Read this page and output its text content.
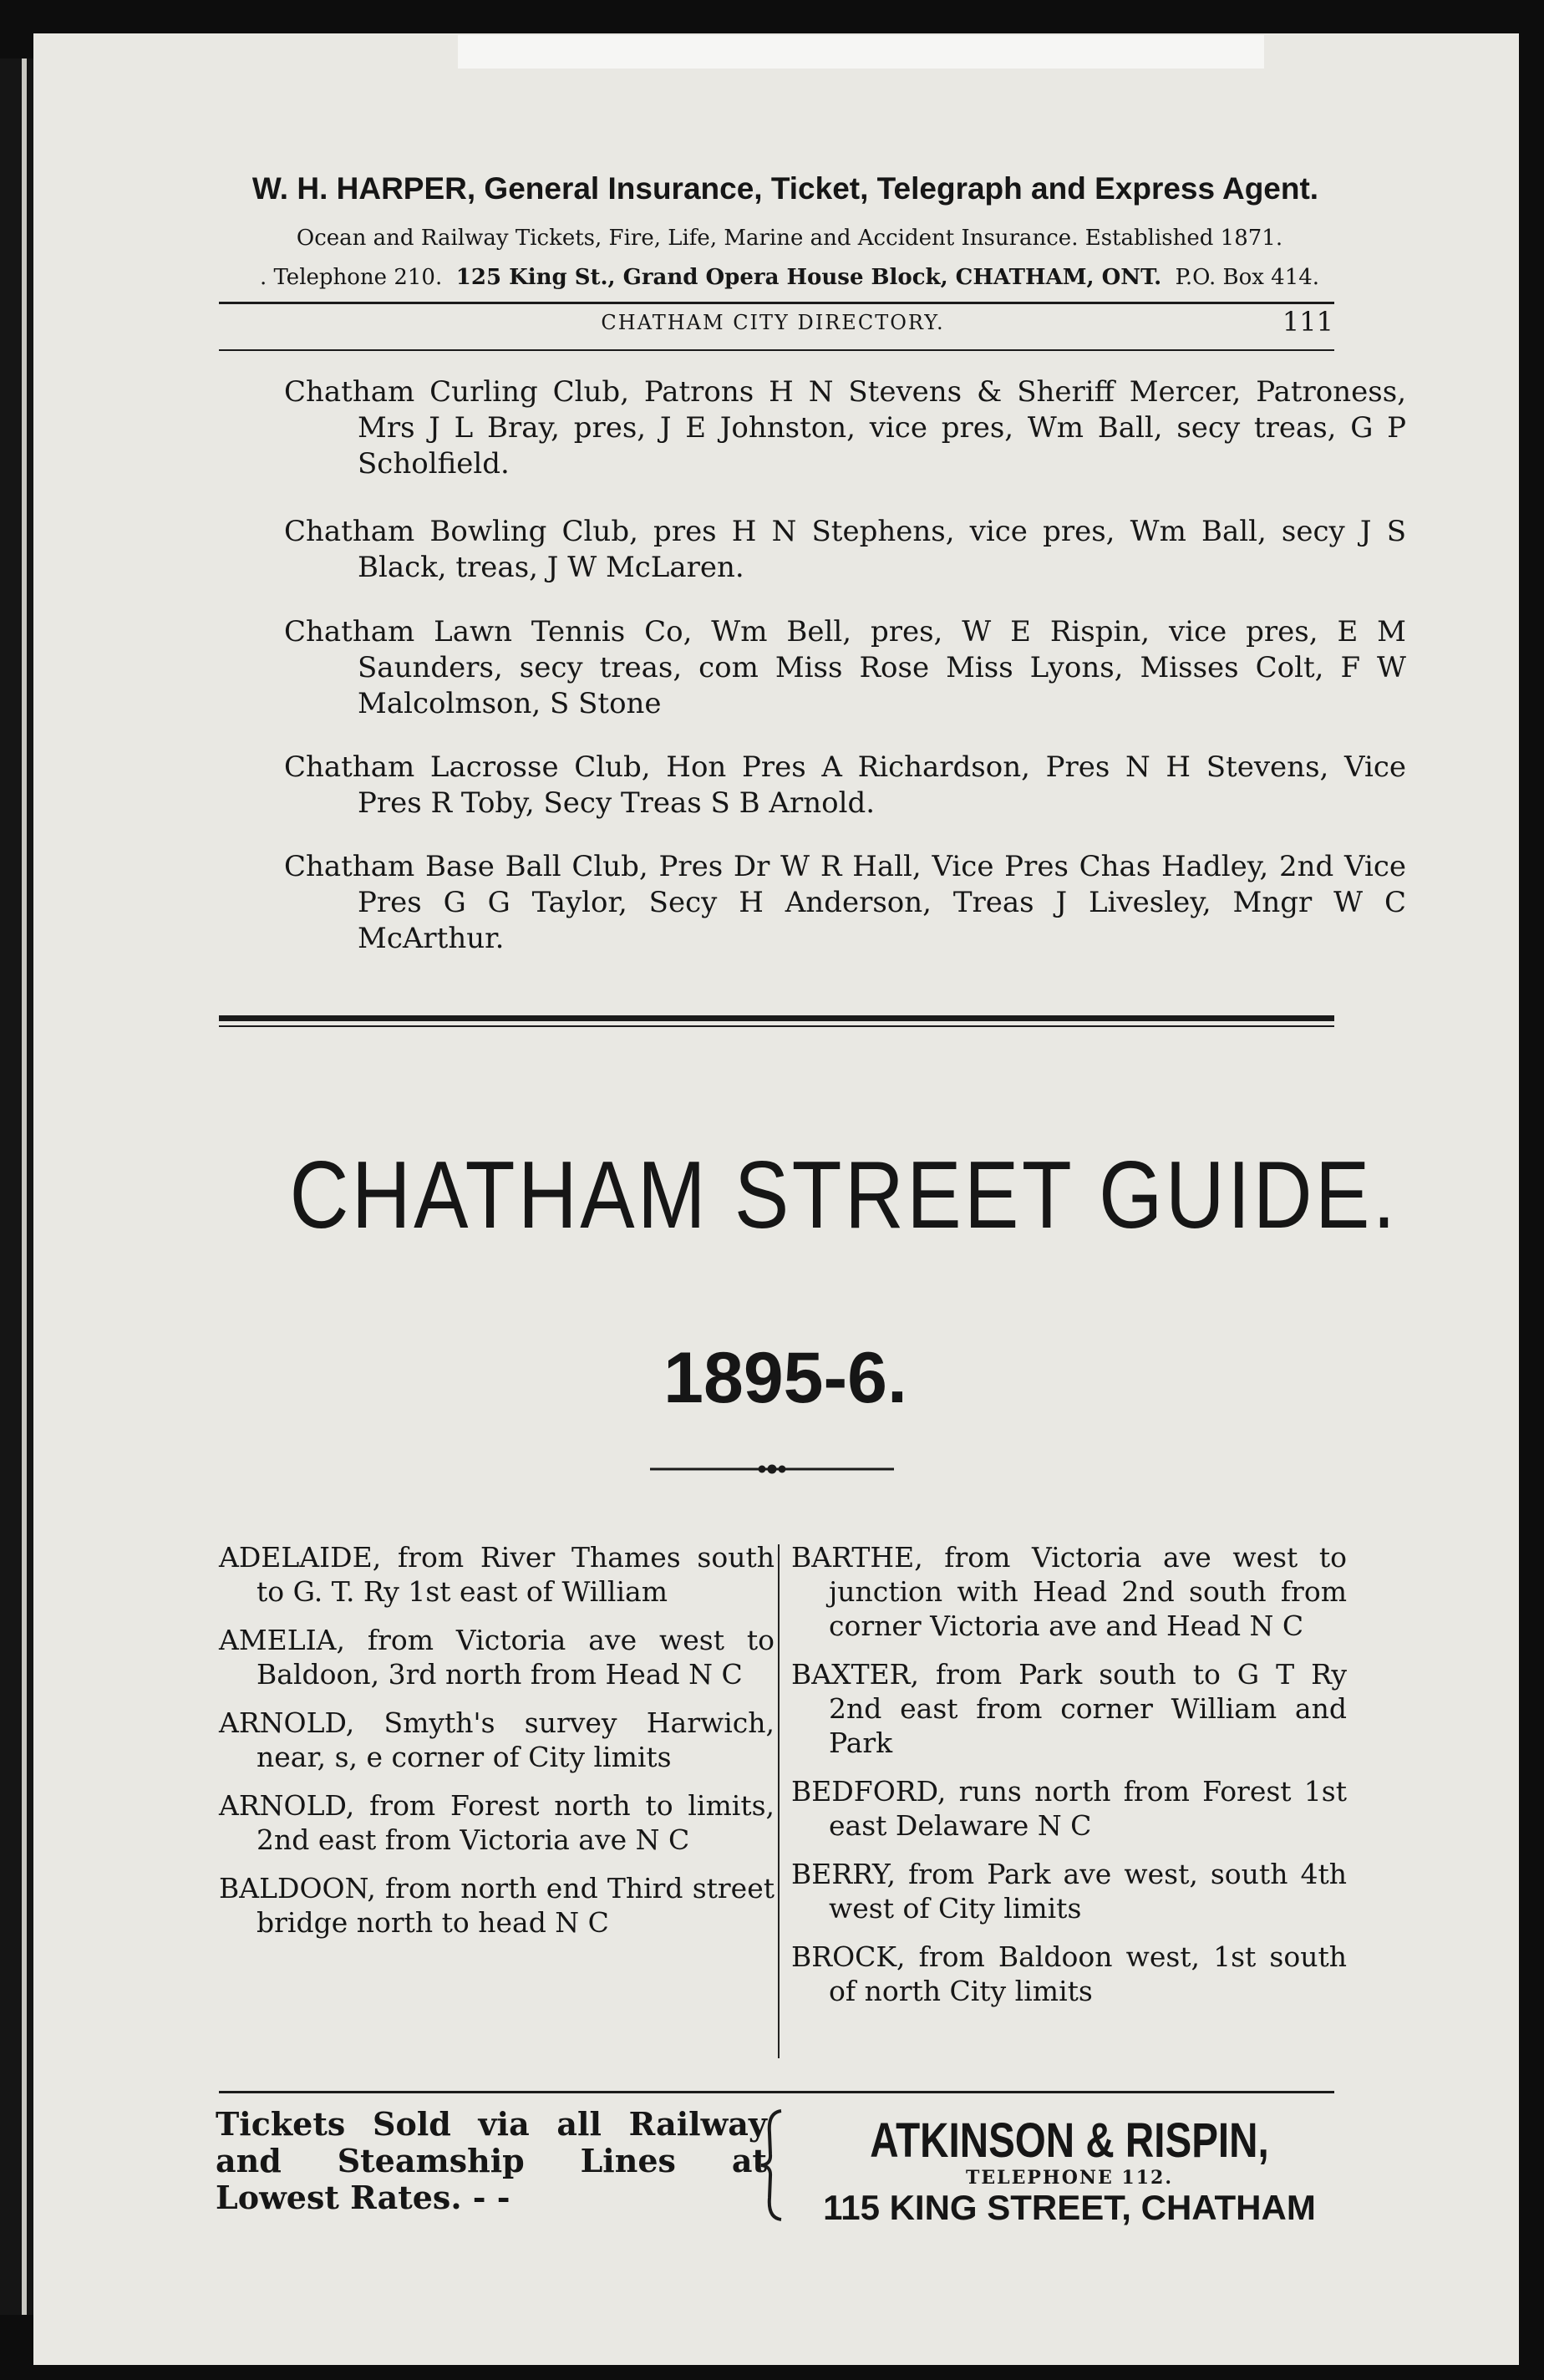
W. H. HARPER, General Insurance, Ticket, Telegraph and Express Agent.
Ocean and Railway Tickets, Fire, Life, Marine and Accident Insurance. Established 1871.
. Telephone 210. 125 King St., Grand Opera House Block, CHATHAM, ONT. P.O. Box 414.
CHATHAM CITY DIRECTORY.	111
Chatham Curling Club, Patrons H N Stevens & Sheriff Mercer, Patroness, Mrs J L Bray, pres, J E Johnston, vice pres, Wm Ball, secy treas, G P Scholfield.
Chatham Bowling Club, pres H N Stephens, vice pres, Wm Ball, secy J S Black, treas, J W McLaren.
Chatham Lawn Tennis Co, Wm Bell, pres, W E Rispin, vice pres, E M Saunders, secy treas, com Miss Rose Miss Lyons, Misses Colt, F W Malcolmson, S Stone
Chatham Lacrosse Club, Hon Pres A Richardson, Pres N H Stevens, Vice Pres R Toby, Secy Treas S B Arnold.
Chatham Base Ball Club, Pres Dr W R Hall, Vice Pres Chas Hadley, 2nd Vice Pres G G Taylor, Secy H Anderson, Treas J Livesley, Mngr W C McArthur.
CHATHAM STREET GUIDE.
1895-6.
ADELAIDE, from River Thames south to G. T. Ry 1st east of William
AMELIA, from Victoria ave west to Baldoon, 3rd north from Head N C
ARNOLD, Smyth's survey Harwich, near, s, e corner of City limits
ARNOLD, from Forest north to limits, 2nd east from Victoria ave N C
BALDOON, from north end Third street bridge north to head N C
BARTHE, from Victoria ave west to junction with Head 2nd south from corner Victoria ave and Head N C
BAXTER, from Park south to G T Ry 2nd east from corner William and Park
BEDFORD, runs north from Forest 1st east Delaware N C
BERRY, from Park ave west, south 4th west of City limits
BROCK, from Baldoon west, 1st south of north City limits
Tickets Sold via all Railway and Steamship Lines at Lowest Rates. - -
ATKINSON & RISPIN,
TELEPHONE 112.
115 KING STREET, CHATHAM
